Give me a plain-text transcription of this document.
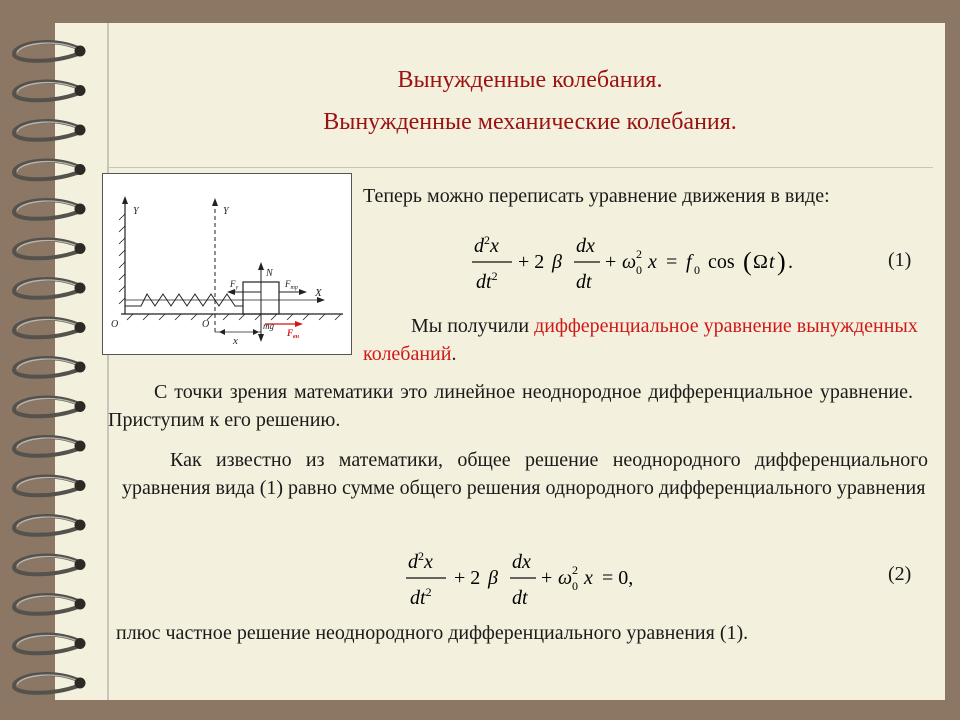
Вынужденные колебания.
Вынужденные механические колебания.
Y	Y
X
O	O
x
N
$F_y$	$F_{тр}$
mg
$F_{вн}$
Теперь можно переписать уравнение движения в виде:
$d^2x$
$dt^2$
+ 2 β
dx
dt
+ ω 0
2 x = f 0 cos ( Ω t ) .	(1)
Мы получили дифференциальное уравнение вынужденных колебаний.
С точки зрения математики это линейное неоднородное дифференциальное уравнение. Приступим к его решению.
Как известно из математики, общее решение неоднородного дифференциального уравнения вида (1) равно сумме общего решения однородного дифференциального уравнения
$d^2x$
$dt^2$
+ 2 β
dx
dt
+ ω 0
2 x = 0,	(2)
плюс частное решение неоднородного дифференциального уравнения (1).
